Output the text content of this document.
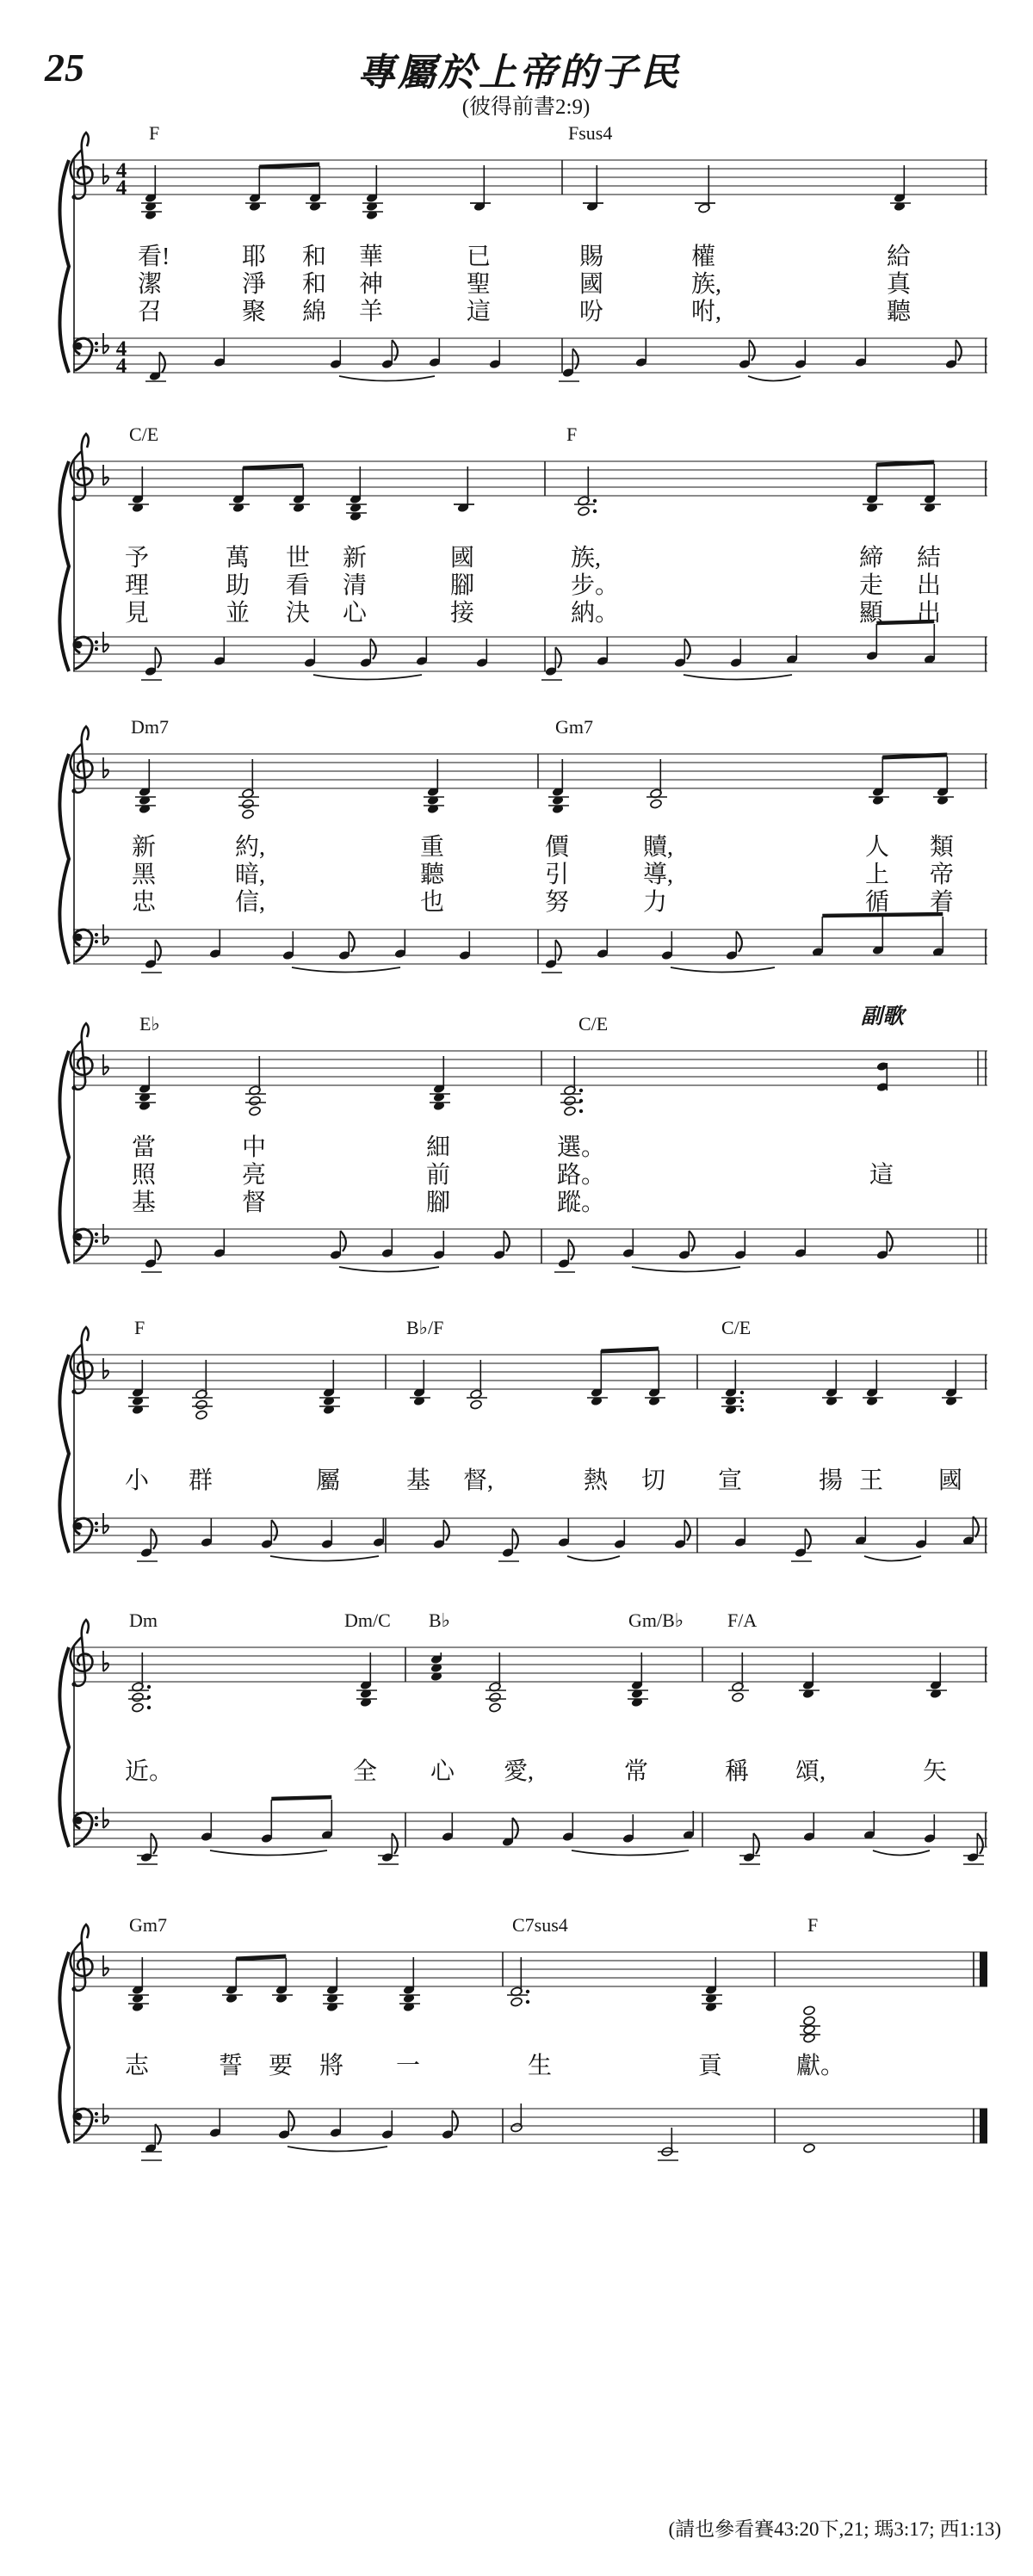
25	專屬於上帝的子民
(彼得前書2:9)
4
4
4
4
F	Fsus4
看!	耶 和 華	已	賜	權	給
潔	淨 和 神	聖	國	族,	真
召	聚 綿 羊	這	吩	咐,	聽
C/E	F
予	萬 世 新	國	族,	締 結
理	助 看 清	腳	步。	走 出
見	並 決 心	接	納。	顯 出
Dm7	Gm7
新	約,	重	價	贖,	人 類
黑	暗,	聽	引	導,	上 帝
忠	信,	也	努	力	循 着
E♭	C/E	副歌
當	中	細	選。
照	亮	前	路。	這
基	督	腳	蹤。
F	B♭/F	C/E
小 群	屬	基 督,	熱 切 宣	揚 王 國
Dm	Dm/C B♭	Gm/B♭ F/A
近。	全 心 愛,	常	稱 頌,	矢
Gm7	C7sus4	F
志	誓 要 將 一	生	貢	獻。
(請也參看賽43:20下,21; 瑪3:17; 西1:13)
